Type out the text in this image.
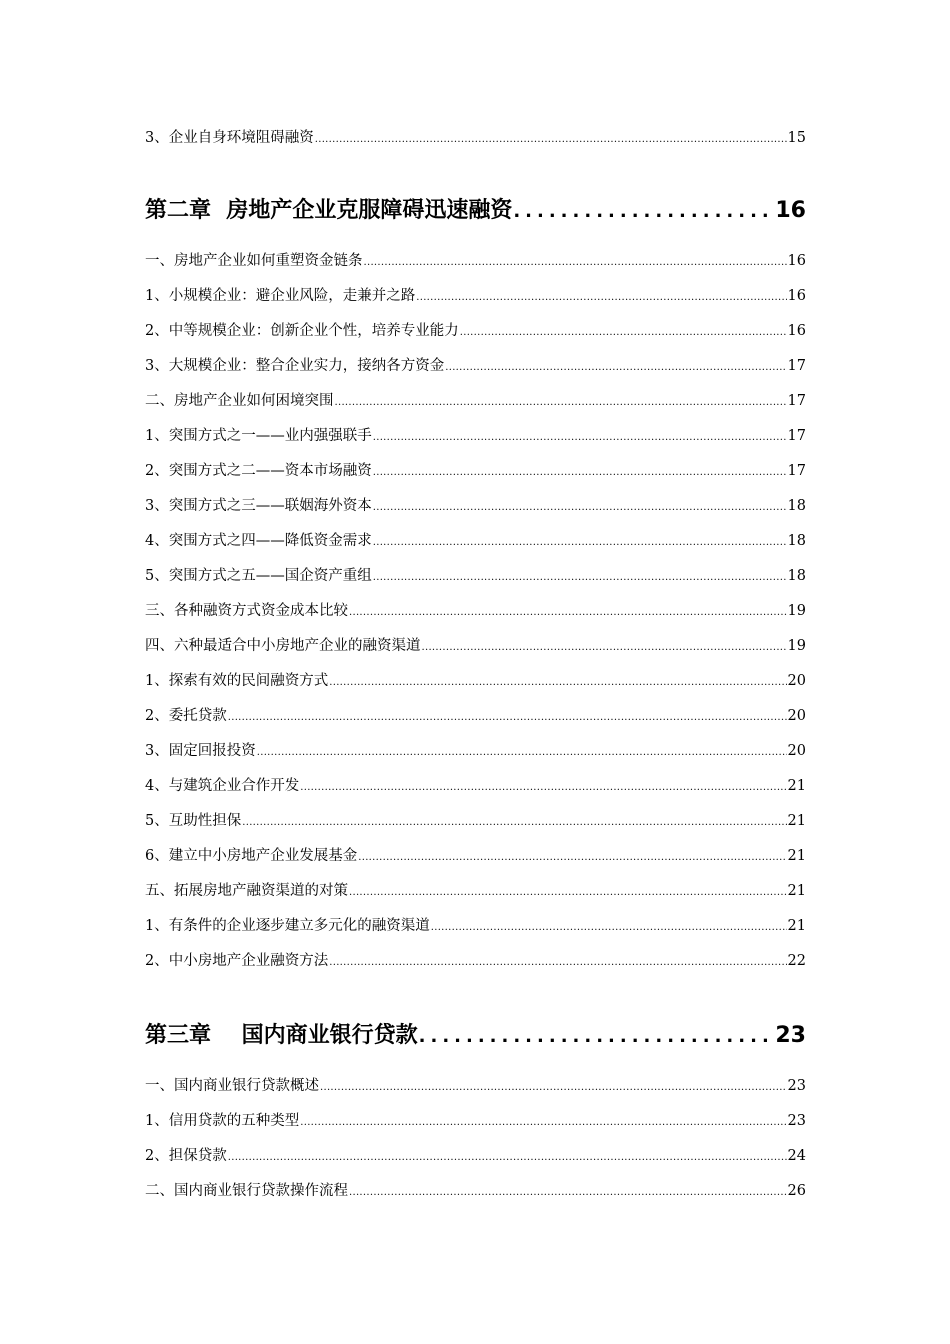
3、企业自身环境阻碍融资 .....	15
第二章  房地产企业克服障碍迅速融资 .....	16
一、房地产企业如何重塑资金链条 .....	16
1、小规模企业：避企业风险，走兼并之路 .....	16
2、中等规模企业：创新企业个性，培养专业能力 .....	16
3、大规模企业：整合企业实力，接纳各方资金 .....	17
二、房地产企业如何困境突围 .....	17
1、突围方式之一——业内强强联手 .....	17
2、突围方式之二——资本市场融资 .....	17
3、突围方式之三——联姻海外资本 .....	18
4、突围方式之四——降低资金需求 .....	18
5、突围方式之五——国企资产重组 .....	18
三、各种融资方式资金成本比较 .....	19
四、六种最适合中小房地产企业的融资渠道 .....	19
1、探索有效的民间融资方式 .....	20
2、委托贷款 .....	20
3、固定回报投资 .....	20
4、与建筑企业合作开发 .....	21
5、互助性担保 .....	21
6、建立中小房地产企业发展基金 .....	21
五、拓展房地产融资渠道的对策 .....	21
1、有条件的企业逐步建立多元化的融资渠道 .....	21
2、中小房地产企业融资方法 .....	22
第三章    国内商业银行贷款 .....	23
一、国内商业银行贷款概述 .....	23
1、信用贷款的五种类型 .....	23
2、担保贷款 .....	24
二、国内商业银行贷款操作流程 .....	26
